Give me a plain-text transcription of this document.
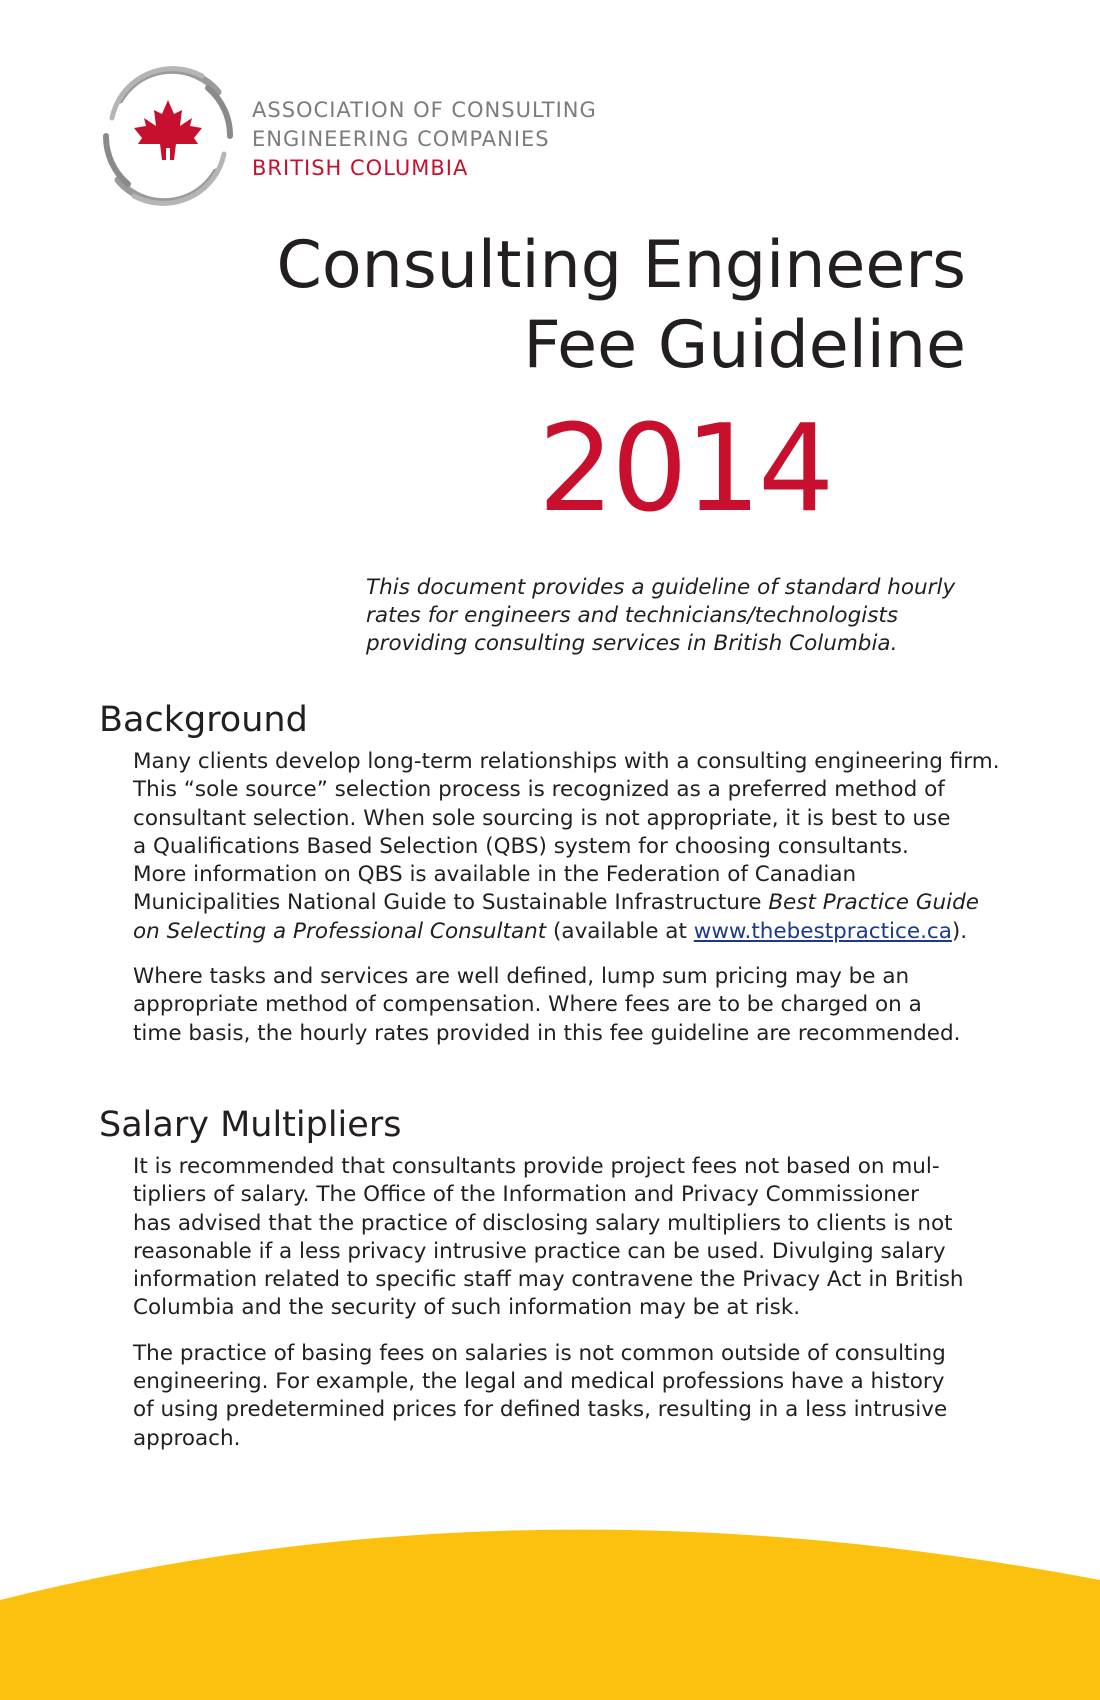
ASSOCIATION OF CONSULTING
ENGINEERING COMPANIES
BRITISH COLUMBIA
Consulting Engineers
Fee Guideline
2014

This document provides a guideline of standard hourly
rates for engineers and technicians/technologists
providing consulting services in British Columbia.

Background

Many clients develop long-term relationships with a consulting engineering firm.
This “sole source” selection process is recognized as a preferred method of
consultant selection. When sole sourcing is not appropriate, it is best to use
a Qualifications Based Selection (QBS) system for choosing consultants.
More information on QBS is available in the Federation of Canadian
Municipalities National Guide to Sustainable Infrastructure Best Practice Guide
on Selecting a Professional Consultant (available at www.thebestpractice.ca).

Where tasks and services are well defined, lump sum pricing may be an
appropriate method of compensation. Where fees are to be charged on a
time basis, the hourly rates provided in this fee guideline are recommended.

Salary Multipliers

It is recommended that consultants provide project fees not based on mul-
tipliers of salary. The Office of the Information and Privacy Commissioner
has advised that the practice of disclosing salary multipliers to clients is not
reasonable if a less privacy intrusive practice can be used. Divulging salary
information related to specific staff may contravene the Privacy Act in British
Columbia and the security of such information may be at risk.

The practice of basing fees on salaries is not common outside of consulting
engineering. For example, the legal and medical professions have a history
of using predetermined prices for defined tasks, resulting in a less intrusive
approach.
